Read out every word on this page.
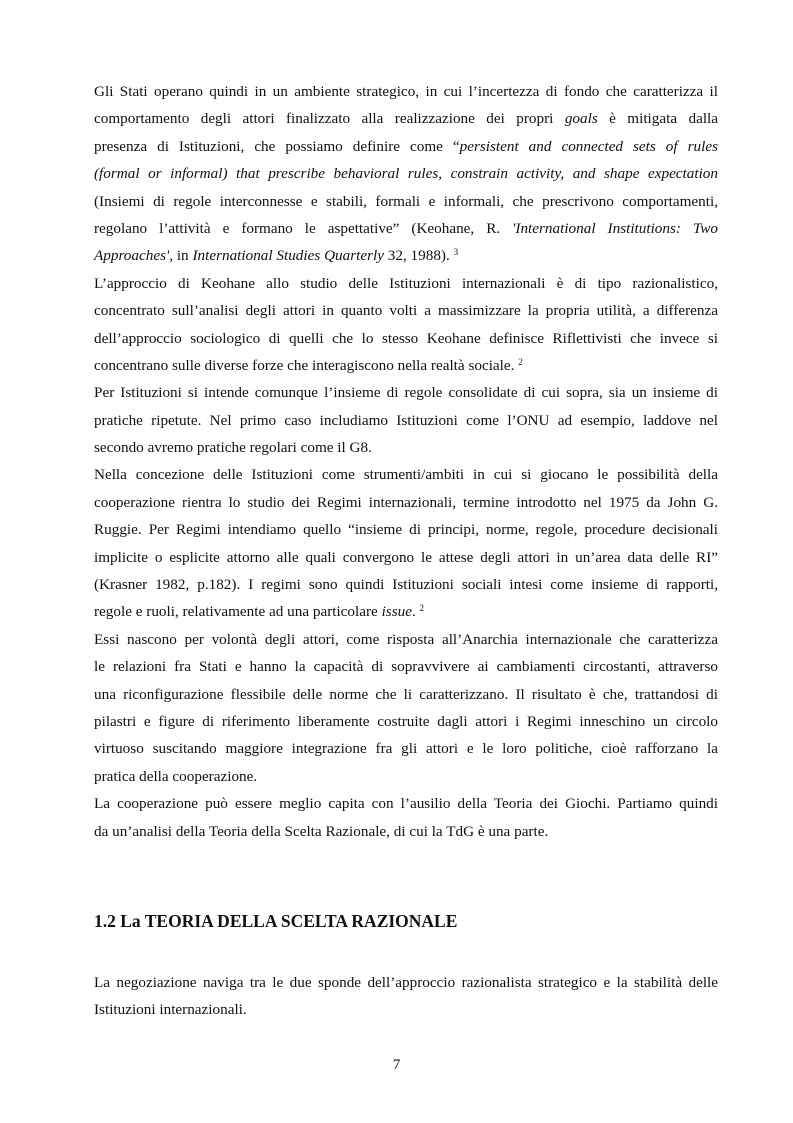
Gli Stati operano quindi in un ambiente strategico, in cui l’incertezza di fondo che caratterizza il
comportamento degli attori finalizzato alla realizzazione dei propri goals è mitigata dalla
presenza di Istituzioni, che possiamo definire come “persistent and connected sets of rules
(formal or informal) that prescribe behavioral rules, constrain activity, and shape expectation
(Insiemi di regole interconnesse e stabili, formali e informali, che prescrivono comportamenti,
regolano l’attività e formano le aspettative” (Keohane, R. 'International Institutions: Two
Approaches', in International Studies Quarterly 32, 1988). $^3$
L’approccio di Keohane allo studio delle Istituzioni internazionali è di tipo razionalistico,
concentrato sull’analisi degli attori in quanto volti a massimizzare la propria utilità, a differenza
dell’approccio sociologico di quelli che lo stesso Keohane definisce Riflettivisti che invece si
concentrano sulle diverse forze che interagiscono nella realtà sociale. $^2$
Per Istituzioni si intende comunque l’insieme di regole consolidate di cui sopra, sia un insieme di
pratiche ripetute. Nel primo caso includiamo Istituzioni come l’ONU ad esempio, laddove nel
secondo avremo pratiche regolari come il G8.
Nella concezione delle Istituzioni come strumenti/ambiti in cui si giocano le possibilità della
cooperazione rientra lo studio dei Regimi internazionali, termine introdotto nel 1975 da John G.
Ruggie. Per Regimi intendiamo quello “insieme di principi, norme, regole, procedure decisionali
implicite o esplicite attorno alle quali convergono le attese degli attori in un’area data delle RI”
(Krasner 1982, p.182). I regimi sono quindi Istituzioni sociali intesi come insieme di rapporti,
regole e ruoli, relativamente ad una particolare issue. $^2$
Essi nascono per volontà degli attori, come risposta all’Anarchia internazionale che caratterizza
le relazioni fra Stati e hanno la capacità di sopravvivere ai cambiamenti circostanti, attraverso
una riconfigurazione flessibile delle norme che li caratterizzano. Il risultato è che, trattandosi di
pilastri e figure di riferimento liberamente costruite dagli attori i Regimi inneschino un circolo
virtuoso suscitando maggiore integrazione fra gli attori e le loro politiche, cioè rafforzano la
pratica della cooperazione.
La cooperazione può essere meglio capita con l’ausilio della Teoria dei Giochi. Partiamo quindi
da un’analisi della Teoria della Scelta Razionale, di cui la TdG è una parte.
1.2 La TEORIA DELLA SCELTA RAZIONALE
La negoziazione naviga tra le due sponde dell’approccio razionalista strategico e la stabilità delle
Istituzioni internazionali.
7
